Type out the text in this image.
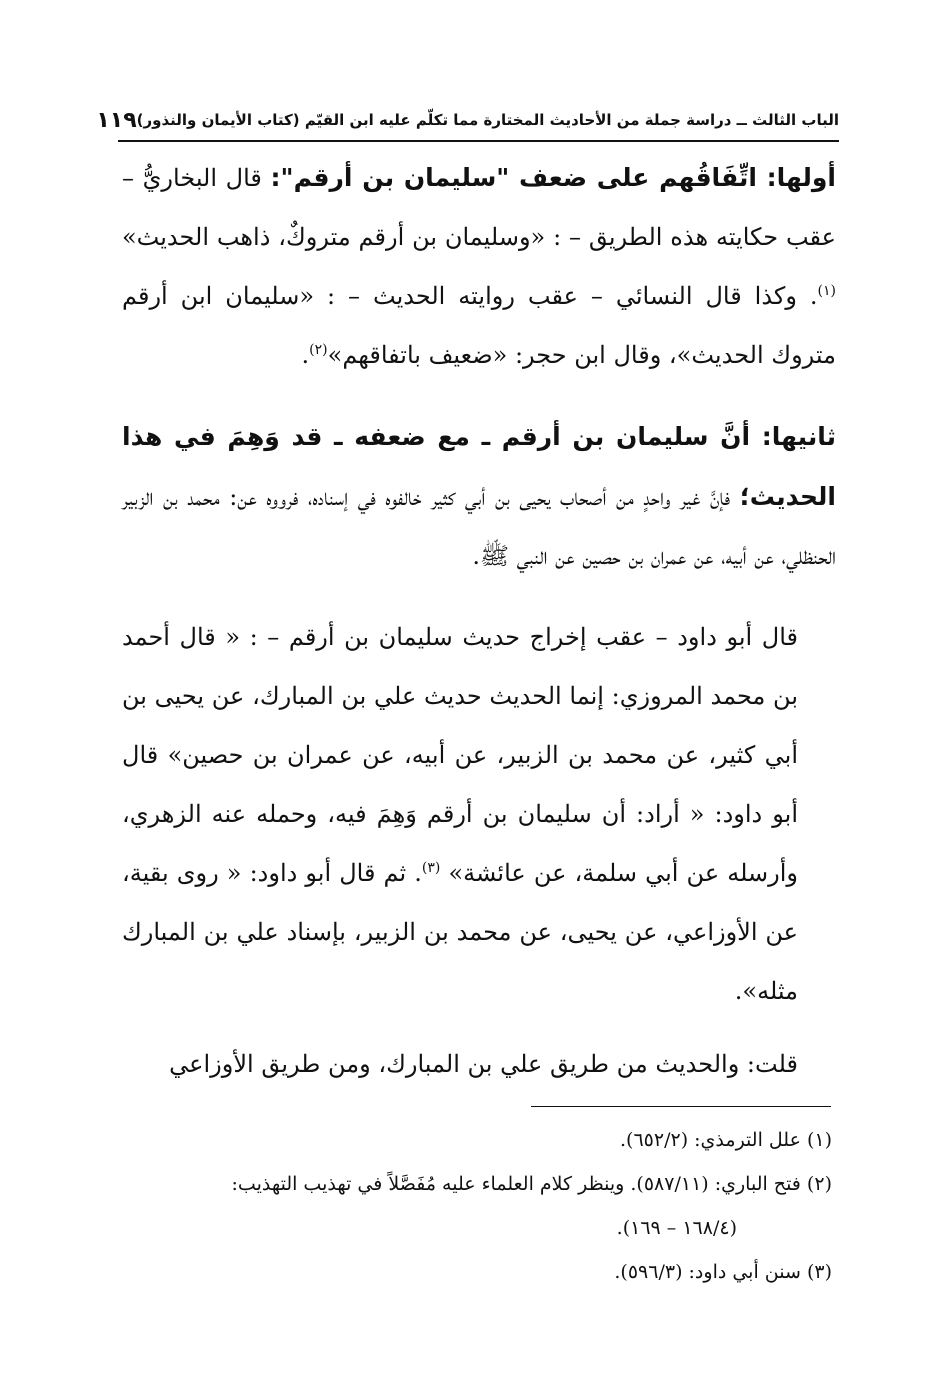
الباب الثالث ــ دراسة جملة من الأحاديث المختارة مما تكلّم عليه ابن القيّم (كتاب الأيمان والنذور)
١١٩

أولها: اتِّفَاقُهم على ضعف "سليمان بن أرقم": قال البخاريُّ – عقب حكايته هذه الطريق – : «وسليمان بن أرقم متروكٌ، ذاهب الحديث» $^{(١)}$. وكذا قال النسائي – عقب روايته الحديث – : «سليمان ابن أرقم متروك الحديث»، وقال ابن حجر: «ضعيف باتفاقهم»$^{(٢)}$.

ثانيها: أنَّ سليمان بن أرقم ـ مع ضعفه ـ قد وَهِمَ في هذا الحديث؛ فإنَّ غير واحدٍ من أصحاب يحيى بن أبي كثير خالفوه في إسناده، فرووه عن: محمد بن الزبير الحنظلي، عن أبيه، عن عمران بن حصين عن النبي ﷺ.

قال أبو داود – عقب إخراج حديث سليمان بن أرقم – : « قال أحمد بن محمد المروزي: إنما الحديث حديث علي بن المبارك، عن يحيى بن أبي كثير، عن محمد بن الزبير، عن أبيه، عن عمران بن حصين» قال أبو داود: « أراد: أن سليمان بن أرقم وَهِمَ فيه، وحمله عنه الزهري، وأرسله عن أبي سلمة، عن عائشة» $^{(٣)}$. ثم قال أبو داود: « روى بقية، عن الأوزاعي، عن يحيى، عن محمد بن الزبير، بإسناد علي بن المبارك مثله».

قلت: والحديث من طريق علي بن المبارك، ومن طريق الأوزاعي

(١) علل الترمذي: (٦٥٢/٢).

(٢) فتح الباري: (٥٨٧/١١). وينظر كلام العلماء عليه مُفَصَّلاً في تهذيب التهذيب:
(١٦٨/٤ – ١٦٩).

(٣) سنن أبي داود: (٥٩٦/٣).
